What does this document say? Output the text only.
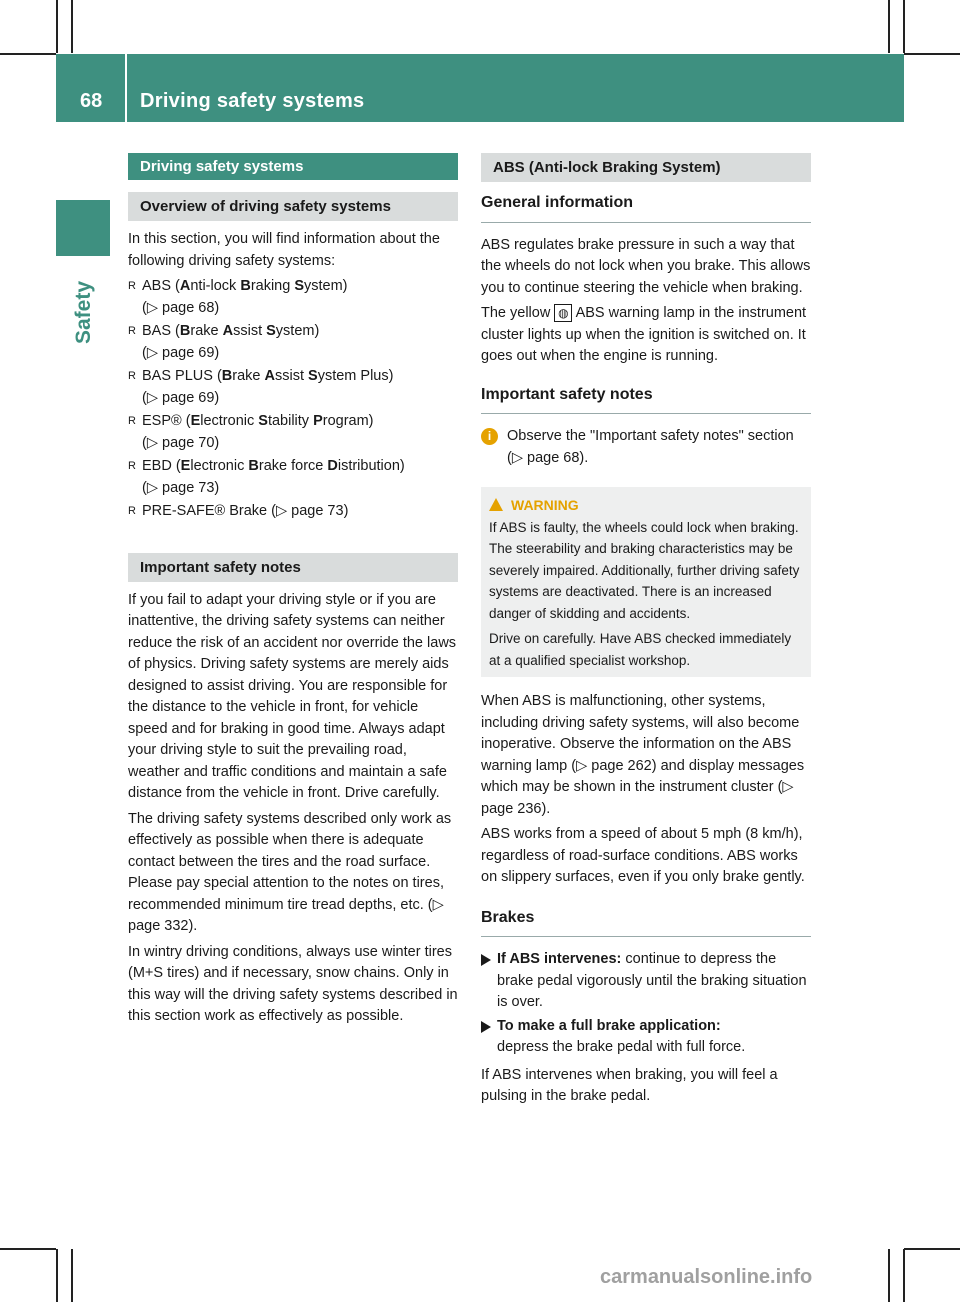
68 Driving safety systems
Safety
Driving safety systems
Overview of driving safety systems

In this section, you will find information about the following driving safety systems:

R ABS (Anti-lock Braking System)
(▷ page 68)
R BAS (Brake Assist System)
(▷ page 69)
R BAS PLUS (Brake Assist System Plus)
(▷ page 69)
R ESP® (Electronic Stability Program)
(▷ page 70)
R EBD (Electronic Brake force Distribution)
(▷ page 73)
R PRE-SAFE® Brake (▷ page 73)
Important safety notes

If you fail to adapt your driving style or if you are inattentive, the driving safety systems can neither reduce the risk of an accident nor override the laws of physics. Driving safety systems are merely aids designed to assist driving. You are responsible for the distance to the vehicle in front, for vehicle speed and for braking in good time. Always adapt your driving style to suit the prevailing road, weather and traffic conditions and maintain a safe distance from the vehicle in front. Drive carefully.

The driving safety systems described only work as effectively as possible when there is adequate contact between the tires and the road surface. Please pay special attention to the notes on tires, recommended minimum tire tread depths, etc. (▷ page 332).

In wintry driving conditions, always use winter tires (M+S tires) and if necessary, snow chains. Only in this way will the driving safety systems described in this section work as effectively as possible.

ABS (Anti-lock Braking System)
General information

ABS regulates brake pressure in such a way that the wheels do not lock when you brake. This allows you to continue steering the vehicle when braking.

The yellow ◍ ABS warning lamp in the instrument cluster lights up when the ignition is switched on. It goes out when the engine is running.

Important safety notes
i	Observe the "Important safety notes" section (▷ page 68).
WARNING
If ABS is faulty, the wheels could lock when braking. The steerability and braking characteristics may be severely impaired. Additionally, further driving safety systems are deactivated. There is an increased danger of skidding and accidents.
Drive on carefully. Have ABS checked immediately at a qualified specialist workshop.

When ABS is malfunctioning, other systems, including driving safety systems, will also become inoperative. Observe the information on the ABS warning lamp (▷ page 262) and display messages which may be shown in the instrument cluster (▷ page 236).

ABS works from a speed of about 5 mph (8 km/h), regardless of road-surface conditions. ABS works on slippery surfaces, even if you only brake gently.

Brakes
If ABS intervenes: continue to depress the brake pedal vigorously until the braking situation is over.
To make a full brake application:
depress the brake pedal with full force.

If ABS intervenes when braking, you will feel a pulsing in the brake pedal.

carmanualsonline.info
